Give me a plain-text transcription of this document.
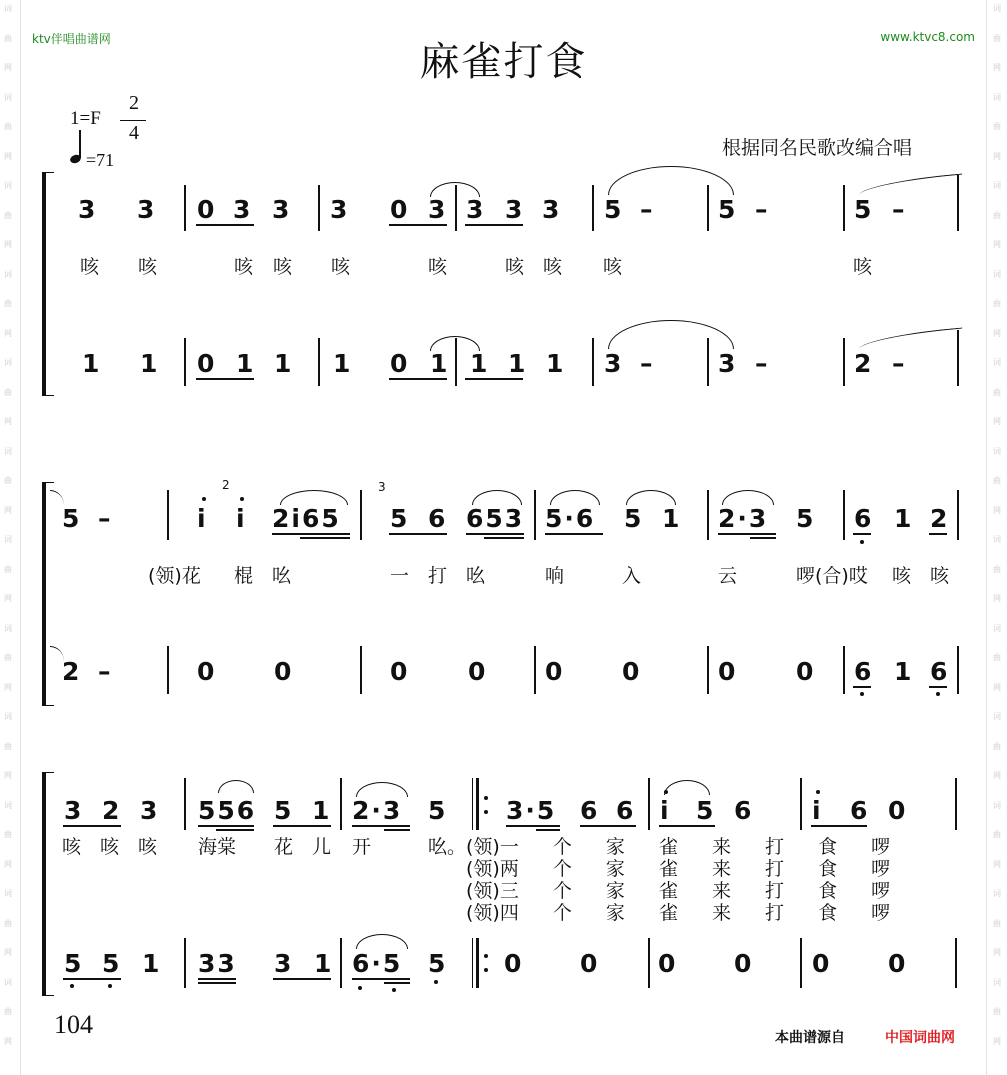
词
曲
网
词
曲
网
词
曲
网
词
曲
网
词
曲
网
词
曲
网
词
曲
网
词
曲
网
词
曲
网
词
曲
网
词
曲
网
词
曲
网
词
曲
网
词
曲
网
词
曲
网
词
曲
网
词
曲
网
词
曲
网
词
曲
网
词
曲
网
词
曲
网
词
曲
网
词
曲
网
词
曲
网
ktv伴唱曲谱网	www.ktvc8.com
麻雀打食
1=F
2
4
=71
根据同名民歌改编合唱
3 3 0 3 3 3 0 3 3 3 3 5 –	5 –	5 –
咳 咳	咳 咳 咳	咳 咳
咳 咳	咳
1 1 0 1 1 1 0 1 1 1 1 3 –	3 –	2 –
5 –	i
2
i 2i65
3
5 6 653 5·6 5 1 2·3 5 6 1 2
(领)花 棍
吆	一
打
吆 响 入	云 啰(合)哎 咳
咳
2 –	0 0	0 0 0 0	0 0 6 1 6
3 2 3 556 5 1 2·3 5 3·5 6 6 i 5 6 i 6 0
咳
咳
咳 海棠 花
儿 开 吆。 (领)一 个 家 雀 来 打 食 啰
(领)两 个 家 雀 来 打 食 啰
(领)三 个 家 雀 来 打 食 啰
(领)四 个 家 雀 来 打 食 啰
5 5 1 33 3 1 6·5 5 0 0 0 0 0 0
104	本曲谱源自	中国词曲网
